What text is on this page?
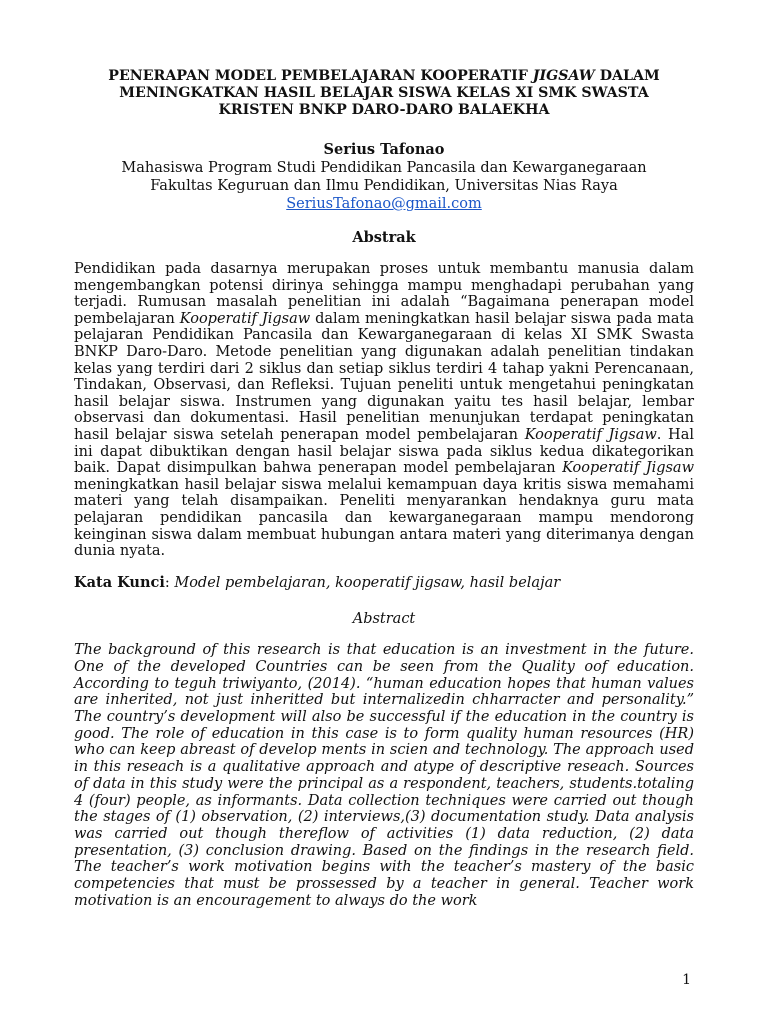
PENERAPAN MODEL PEMBELAJARAN KOOPERATIF JIGSAW DALAM
MENINGKATKAN HASIL BELAJAR SISWA KELAS XI SMK SWASTA
KRISTEN BNKP DARO-DARO BALAEKHA
Serius Tafonao
Mahasiswa Program Studi Pendidikan Pancasila dan Kewarganegaraan
Fakultas Keguruan dan Ilmu Pendidikan, Universitas Nias Raya
SeriusTafonao@gmail.com
Abstrak

Pendidikan pada dasarnya merupakan proses untuk membantu manusia dalam mengembangkan potensi dirinya sehingga mampu menghadapi perubahan yang terjadi. Rumusan masalah penelitian ini adalah “Bagaimana penerapan model pembelajaran Kooperatif Jigsaw dalam meningkatkan hasil belajar siswa pada mata pelajaran Pendidikan Pancasila dan Kewarganegaraan di kelas XI SMK Swasta BNKP Daro-Daro. Metode penelitian yang digunakan adalah penelitian tindakan kelas yang terdiri dari 2 siklus dan setiap siklus terdiri 4 tahap yakni Perencanaan, Tindakan, Observasi, dan Refleksi. Tujuan peneliti untuk mengetahui peningkatan hasil belajar siswa. Instrumen yang digunakan yaitu tes hasil belajar, lembar observasi dan dokumentasi. Hasil penelitian menunjukan terdapat peningkatan hasil belajar siswa setelah penerapan model pembelajaran Kooperatif Jigsaw. Hal ini dapat dibuktikan dengan hasil belajar siswa pada siklus kedua dikategorikan baik. Dapat disimpulkan bahwa penerapan model pembelajaran Kooperatif Jigsaw meningkatkan hasil belajar siswa melalui kemampuan daya kritis siswa memahami materi yang telah disampaikan. Peneliti menyarankan hendaknya guru mata pelajaran pendidikan pancasila dan kewarganegaraan mampu mendorong keinginan siswa dalam membuat hubungan antara materi yang diterimanya dengan dunia nyata.

Kata Kunci: Model pembelajaran, kooperatif jigsaw, hasil belajar
Abstract

The background of this research is that education is an investment in the future. One of the developed Countries can be seen from the Quality oof education. According to teguh triwiyanto, (2014). “human education hopes that human values are inherited, not just inheritted but internalizedin chharracter and personality.” The country’s development will also be successful if the education in the country is good. The role of education in this case is to form quality human resources (HR) who can keep abreast of develop ments in scien and technology. The approach used in this reseach is a qualitative approach and atype of descriptive reseach. Sources of data in this study were the principal as a respondent, teachers, students.totaling 4 (four) people, as informants. Data collection techniques were carried out though the stages of (1) observation, (2) interviews,(3) documentation study. Data analysis was carried out though thereflow of activities (1) data reduction, (2) data presentation, (3) conclusion drawing. Based on the findings in the research field. The teacher’s work motivation begins with the teacher’s mastery of the basic competencies that must be prossessed by a teacher in general. Teacher work motivation is an encouragement to always do the work

1
